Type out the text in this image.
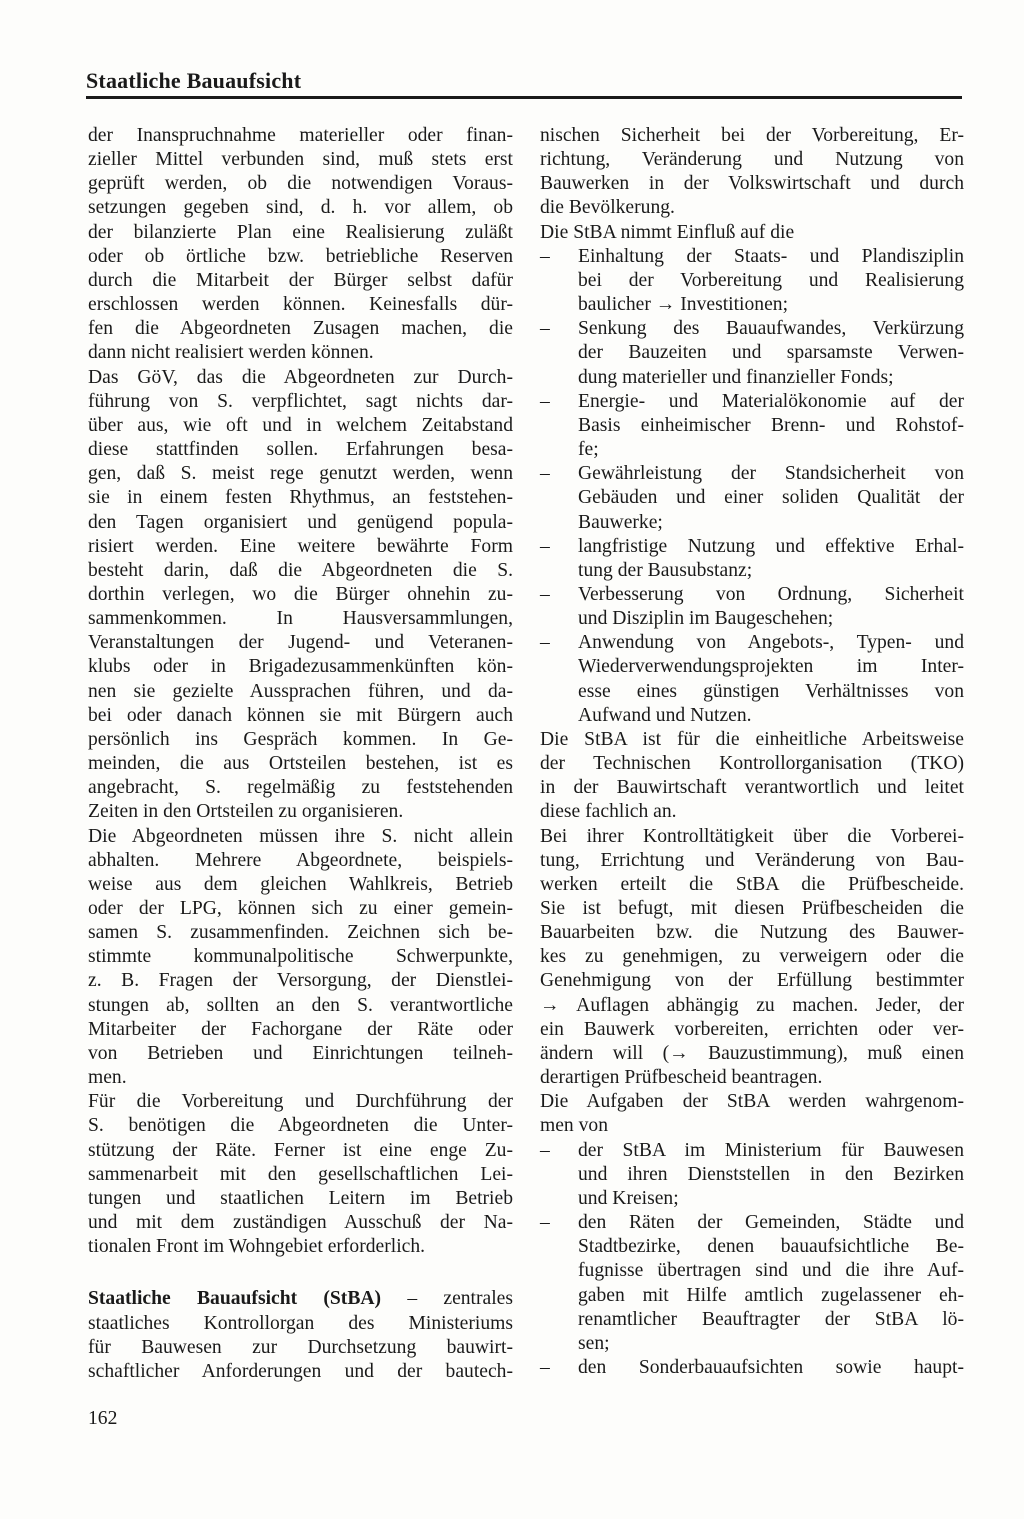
Staatliche Bauaufsicht
der Inanspruchnahme materieller oder finan-
zieller Mittel verbunden sind, muß stets erst
geprüft werden, ob die notwendigen Voraus-
setzungen gegeben sind, d. h. vor allem, ob
der bilanzierte Plan eine Realisierung zuläßt
oder ob örtliche bzw. betriebliche Reserven
durch die Mitarbeit der Bürger selbst dafür
erschlossen werden können. Keinesfalls dür-
fen die Abgeordneten Zusagen machen, die
dann nicht realisiert werden können.
Das GöV, das die Abgeordneten zur Durch-
führung von S. verpflichtet, sagt nichts dar-
über aus, wie oft und in welchem Zeitabstand
diese stattfinden sollen. Erfahrungen besa-
gen, daß S. meist rege genutzt werden, wenn
sie in einem festen Rhythmus, an feststehen-
den Tagen organisiert und genügend popula-
risiert werden. Eine weitere bewährte Form
besteht darin, daß die Abgeordneten die S.
dorthin verlegen, wo die Bürger ohnehin zu-
sammenkommen. In Hausversammlungen,
Veranstaltungen der Jugend- und Veteranen-
klubs oder in Brigadezusammenkünften kön-
nen sie gezielte Aussprachen führen, und da-
bei oder danach können sie mit Bürgern auch
persönlich ins Gespräch kommen. In Ge-
meinden, die aus Ortsteilen bestehen, ist es
angebracht, S. regelmäßig zu feststehenden
Zeiten in den Ortsteilen zu organisieren.
Die Abgeordneten müssen ihre S. nicht allein
abhalten. Mehrere Abgeordnete, beispiels-
weise aus dem gleichen Wahlkreis, Betrieb
oder der LPG, können sich zu einer gemein-
samen S. zusammenfinden. Zeichnen sich be-
stimmte kommunalpolitische Schwerpunkte,
z. B. Fragen der Versorgung, der Dienstlei-
stungen ab, sollten an den S. verantwortliche
Mitarbeiter der Fachorgane der Räte oder
von Betrieben und Einrichtungen teilneh-
men.
Für die Vorbereitung und Durchführung der
S. benötigen die Abgeordneten die Unter-
stützung der Räte. Ferner ist eine enge Zu-
sammenarbeit mit den gesellschaftlichen Lei-
tungen und staatlichen Leitern im Betrieb
und mit dem zuständigen Ausschuß der Na-
tionalen Front im Wohngebiet erforderlich.
Staatliche Bauaufsicht (StBA) – zentrales
staatliches Kontrollorgan des Ministeriums
für Bauwesen zur Durchsetzung bauwirt-
schaftlicher Anforderungen und der bautech-
nischen Sicherheit bei der Vorbereitung, Er-
richtung, Veränderung und Nutzung von
Bauwerken in der Volkswirtschaft und durch
die Bevölkerung.
Die StBA nimmt Einfluß auf die
– Einhaltung der Staats- und Plandisziplin
bei der Vorbereitung und Realisierung
baulicher → Investitionen;
– Senkung des Bauaufwandes, Verkürzung
der Bauzeiten und sparsamste Verwen-
dung materieller und finanzieller Fonds;
– Energie- und Materialökonomie auf der
Basis einheimischer Brenn- und Rohstof-
fe;
– Gewährleistung der Standsicherheit von
Gebäuden und einer soliden Qualität der
Bauwerke;
– langfristige Nutzung und effektive Erhal-
tung der Bausubstanz;
– Verbesserung von Ordnung, Sicherheit
und Disziplin im Baugeschehen;
– Anwendung von Angebots-, Typen- und
Wiederverwendungsprojekten im Inter-
esse eines günstigen Verhältnisses von
Aufwand und Nutzen.
Die StBA ist für die einheitliche Arbeitsweise
der Technischen Kontrollorganisation (TKO)
in der Bauwirtschaft verantwortlich und leitet
diese fachlich an.
Bei ihrer Kontrolltätigkeit über die Vorberei-
tung, Errichtung und Veränderung von Bau-
werken erteilt die StBA die Prüfbescheide.
Sie ist befugt, mit diesen Prüfbescheiden die
Bauarbeiten bzw. die Nutzung des Bauwer-
kes zu genehmigen, zu verweigern oder die
Genehmigung von der Erfüllung bestimmter
→ Auflagen abhängig zu machen. Jeder, der
ein Bauwerk vorbereiten, errichten oder ver-
ändern will (→ Bauzustimmung), muß einen
derartigen Prüfbescheid beantragen.
Die Aufgaben der StBA werden wahrgenom-
men von
– der StBA im Ministerium für Bauwesen
und ihren Dienststellen in den Bezirken
und Kreisen;
– den Räten der Gemeinden, Städte und
Stadtbezirke, denen bauaufsichtliche Be-
fugnisse übertragen sind und die ihre Auf-
gaben mit Hilfe amtlich zugelassener eh-
renamtlicher Beauftragter der StBA lö-
sen;
– den Sonderbauaufsichten sowie haupt-
162
